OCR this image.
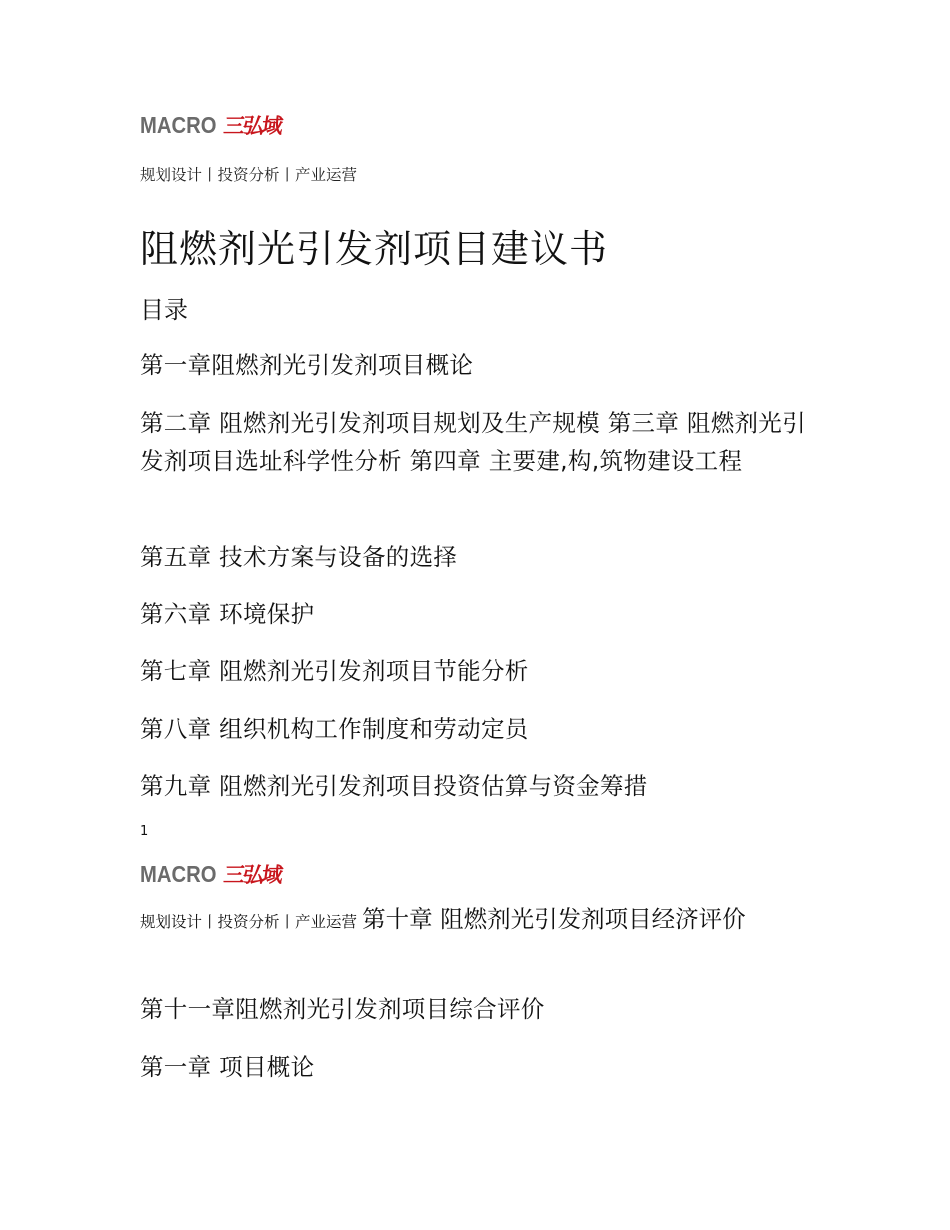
MACRO 三弘域
规划设计丨投资分析丨产业运营
阻燃剂光引发剂项目建议书
目录
第一章阻燃剂光引发剂项目概论
第二章 阻燃剂光引发剂项目规划及生产规模 第三章 阻燃剂光引发剂项目选址科学性分析 第四章 主要建,构,筑物建设工程
第五章 技术方案与设备的选择
第六章 环境保护
第七章 阻燃剂光引发剂项目节能分析
第八章 组织机构工作制度和劳动定员
第九章 阻燃剂光引发剂项目投资估算与资金筹措
1
MACRO 三弘域
规划设计丨投资分析丨产业运营 第十章 阻燃剂光引发剂项目经济评价
第十一章阻燃剂光引发剂项目综合评价
第一章 项目概论
